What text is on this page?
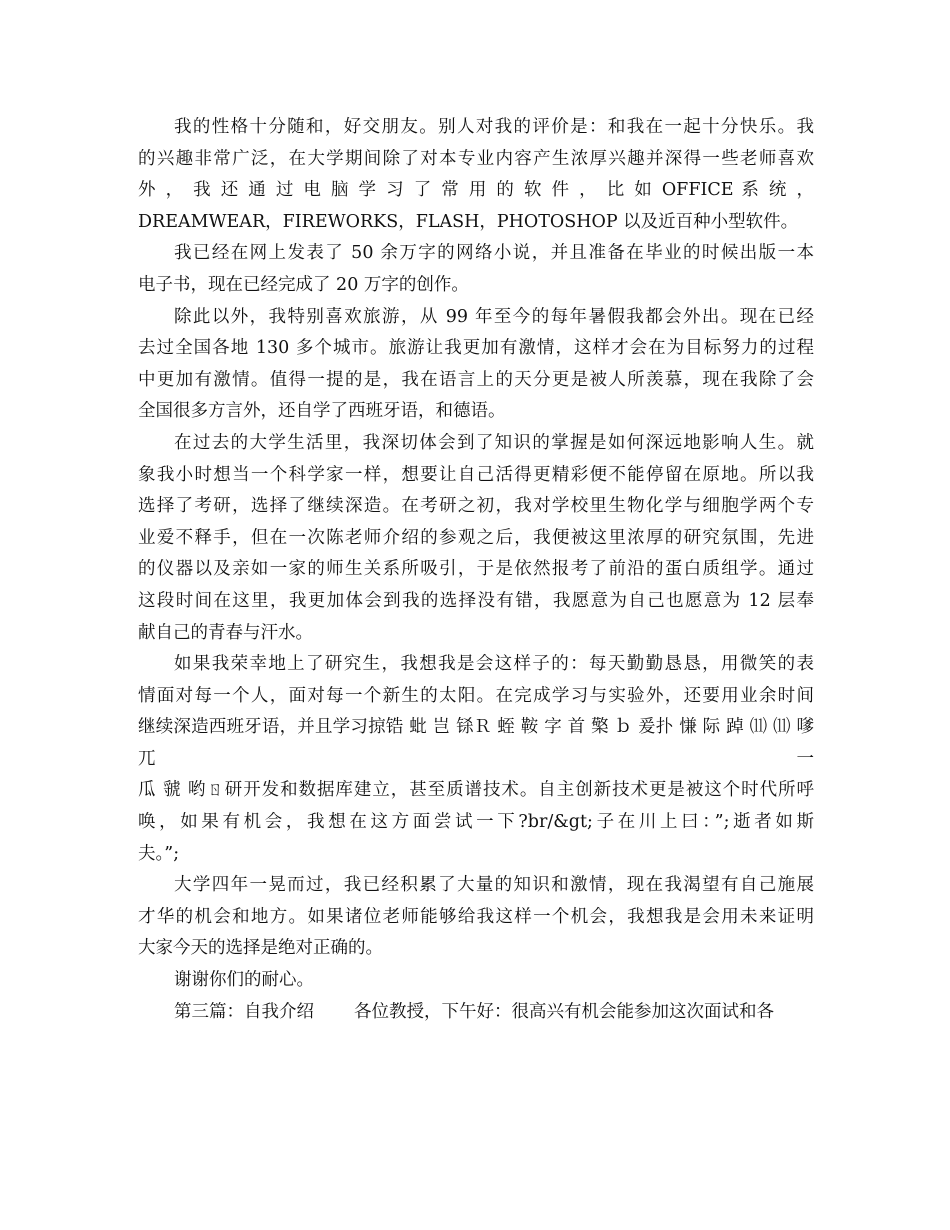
我的性格十分随和，好交朋友。别人对我的评价是：和我在一起十分快乐。我
的兴趣非常广泛，在大学期间除了对本专业内容产生浓厚兴趣并深得一些老师喜欢
外 ， 我 还 通 过 电 脑 学 习 了 常 用 的 软 件 ， 比 如 OFFICE 系 统 ，
DREAMWEAR，FIREWORKS，FLASH，PHOTOSHOP 以及近百种小型软件。

我已经在网上发表了 50 余万字的网络小说，并且准备在毕业的时候出版一本
电子书，现在已经完成了 20 万字的创作。

除此以外，我特别喜欢旅游，从 99 年至今的每年暑假我都会外出。现在已经
去过全国各地 130 多个城市。旅游让我更加有激情，这样才会在为目标努力的过程
中更加有激情。值得一提的是，我在语言上的天分更是被人所羡慕，现在我除了会
全国很多方言外，还自学了西班牙语，和德语。

在过去的大学生活里，我深切体会到了知识的掌握是如何深远地影响人生。就
象我小时想当一个科学家一样，想要让自己活得更精彩便不能停留在原地。所以我
选择了考研，选择了继续深造。在考研之初，我对学校里生物化学与细胞学两个专
业爱不释手，但在一次陈老师介绍的参观之后，我便被这里浓厚的研究氛围，先进
的仪器以及亲如一家的师生关系所吸引，于是依然报考了前沿的蛋白质组学。通过
这段时间在这里，我更加体会到我的选择没有错，我愿意为自己也愿意为 12 层奉
献自己的青春与汗水。

如果我荣幸地上了研究生，我想我是会这样子的：每天勤勤恳恳，用微笑的表
情面对每一个人，面对每一个新生的太阳。在完成学习与实验外，还要用业余时间
继续深造西班牙语，并且学习掠锆 蚍 岂 铩Ｒ 蛭 鞍 字 首 檠 ｂ 爰扑 慊 际 踔 ⑾ ⑾ 嗲 兀 一
瓜 虢 哟ㄖ研开发和数据库建立，甚至质谱技术。自主创新技术更是被这个时代所呼
唤，如果有机会，我想在这方面尝试一下?br/&gt;子在川上曰：”;逝者如斯
夫。”;

大学四年一晃而过，我已经积累了大量的知识和激情，现在我渴望有自己施展
才华的机会和地方。如果诸位老师能够给我这样一个机会，我想我是会用未来证明
大家今天的选择是绝对正确的。

谢谢你们的耐心。

第三篇：自我介绍 各位教授，下午好：很高兴有机会能参加这次面试和各
